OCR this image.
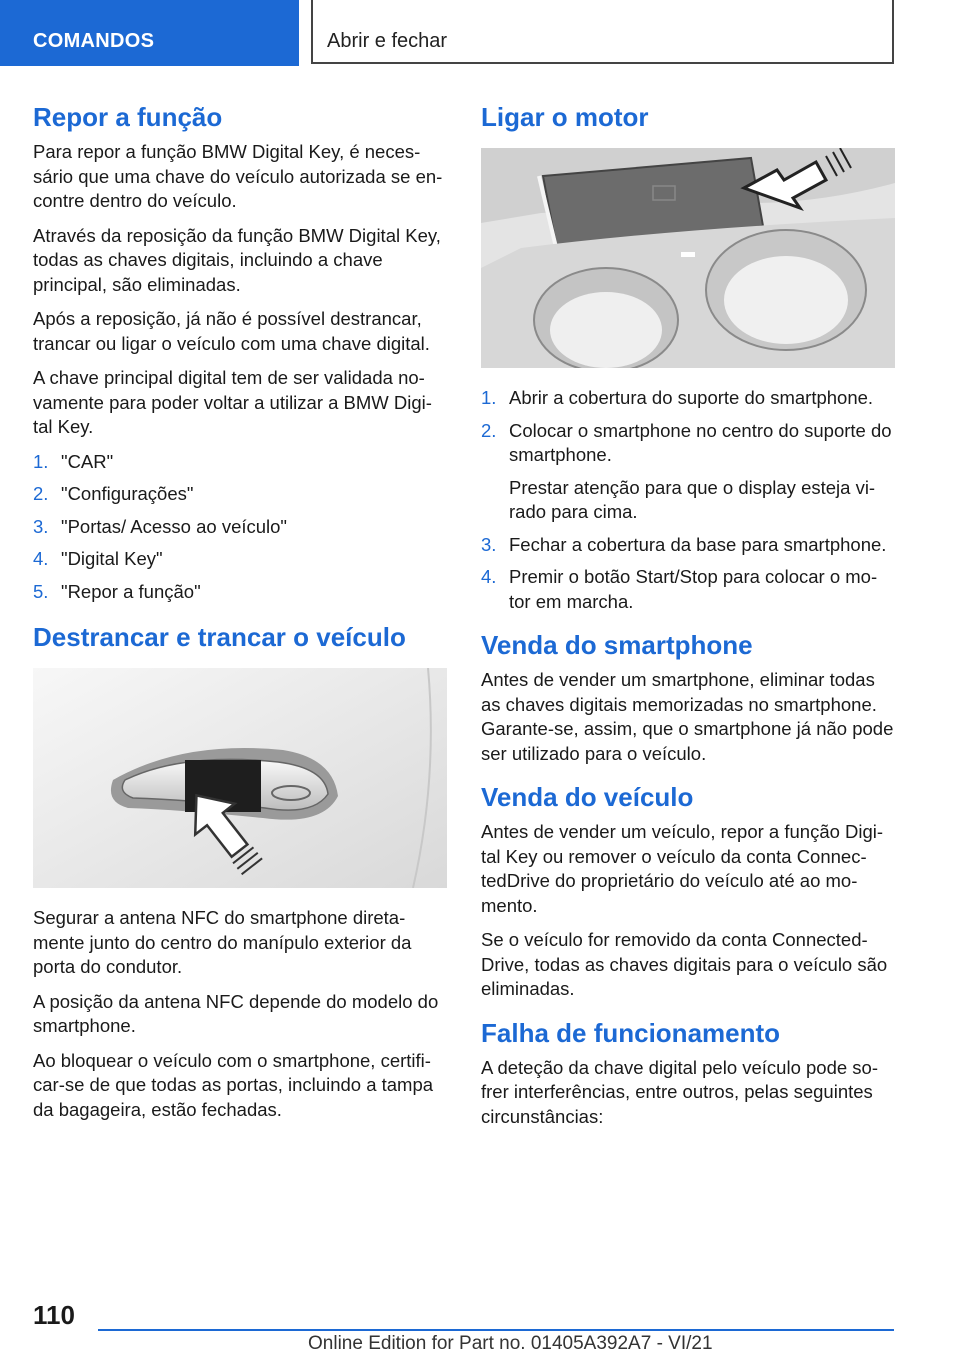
COMANDOS	Abrir e fechar
Repor a função

Para repor a função BMW Digital Key, é neces-sário que uma chave do veículo autorizada se en-contre dentro do veículo.

Através da reposição da função BMW Digital Key, todas as chaves digitais, incluindo a chave principal, são eliminadas.

Após a reposição, já não é possível destrancar, trancar ou ligar o veículo com uma chave digital.

A chave principal digital tem de ser validada no-vamente para poder voltar a utilizar a BMW Digi-tal Key.

1. "CAR"
2. "Configurações"
3. "Portas/ Acesso ao veículo"
4. "Digital Key"
5. "Repor a função"
Destrancar e trancar o veículo

Segurar a antena NFC do smartphone direta-mente junto do centro do manípulo exterior da porta do condutor.

A posição da antena NFC depende do modelo do smartphone.

Ao bloquear o veículo com o smartphone, certifi-car-se de que todas as portas, incluindo a tampa da bagageira, estão fechadas.

Ligar o motor
1. Abrir a cobertura do suporte do smartphone.
2. Colocar o smartphone no centro do suporte do smartphone.
Prestar atenção para que o display esteja vi-rado para cima.
3. Fechar a cobertura da base para smartphone.
4. Premir o botão Start/Stop para colocar o mo-tor em marcha.
Venda do smartphone

Antes de vender um smartphone, eliminar todas as chaves digitais memorizadas no smartphone. Garante-se, assim, que o smartphone já não pode ser utilizado para o veículo.

Venda do veículo

Antes de vender um veículo, repor a função Digi-tal Key ou remover o veículo da conta Connec-tedDrive do proprietário do veículo até ao mo-mento.

Se o veículo for removido da conta Connected-Drive, todas as chaves digitais para o veículo são eliminadas.

Falha de funcionamento

A deteção da chave digital pelo veículo pode so-frer interferências, entre outros, pelas seguintes circunstâncias:

110
Online Edition for Part no. 01405A392A7 - VI/21
